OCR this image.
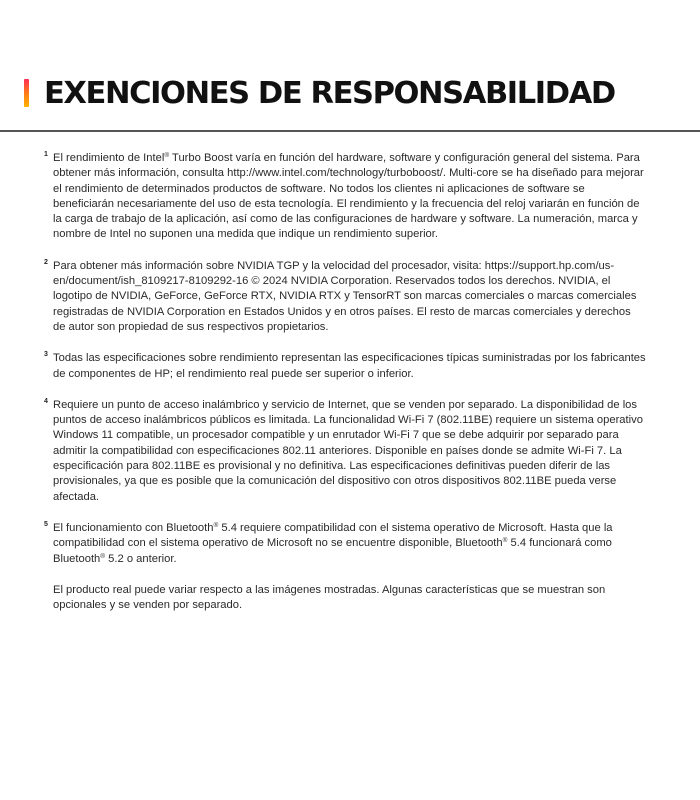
EXENCIONES DE RESPONSABILIDAD
1 El rendimiento de Intel® Turbo Boost varía en función del hardware, software y configuración general del sistema. Para obtener más información, consulta http://www.intel.com/technology/turboboost/. Multi-core se ha diseñado para mejorar el rendimiento de determinados productos de software. No todos los clientes ni aplicaciones de software se beneficiarán necesariamente del uso de esta tecnología. El rendimiento y la frecuencia del reloj variarán en función de la carga de trabajo de la aplicación, así como de las configuraciones de hardware y software. La numeración, marca y nombre de Intel no suponen una medida que indique un rendimiento superior.
2 Para obtener más información sobre NVIDIA TGP y la velocidad del procesador, visita: https://support.hp.com/us-en/document/ish_8109217-8109292-16 © 2024 NVIDIA Corporation. Reservados todos los derechos. NVIDIA, el logotipo de NVIDIA, GeForce, GeForce RTX, NVIDIA RTX y TensorRT son marcas comerciales o marcas comerciales registradas de NVIDIA Corporation en Estados Unidos y en otros países. El resto de marcas comerciales y derechos de autor son propiedad de sus respectivos propietarios.
3 Todas las especificaciones sobre rendimiento representan las especificaciones típicas suministradas por los fabricantes de componentes de HP; el rendimiento real puede ser superior o inferior.
4 Requiere un punto de acceso inalámbrico y servicio de Internet, que se venden por separado. La disponibilidad de los puntos de acceso inalámbricos públicos es limitada. La funcionalidad Wi-Fi 7 (802.11BE) requiere un sistema operativo Windows 11 compatible, un procesador compatible y un enrutador Wi-Fi 7 que se debe adquirir por separado para admitir la compatibilidad con especificaciones 802.11 anteriores. Disponible en países donde se admite Wi-Fi 7. La especificación para 802.11BE es provisional y no definitiva. Las especificaciones definitivas pueden diferir de las provisionales, ya que es posible que la comunicación del dispositivo con otros dispositivos 802.11BE pueda verse afectada.
5 El funcionamiento con Bluetooth® 5.4 requiere compatibilidad con el sistema operativo de Microsoft. Hasta que la compatibilidad con el sistema operativo de Microsoft no se encuentre disponible, Bluetooth® 5.4 funcionará como Bluetooth® 5.2 o anterior.

El producto real puede variar respecto a las imágenes mostradas. Algunas características que se muestran son opcionales y se venden por separado.
